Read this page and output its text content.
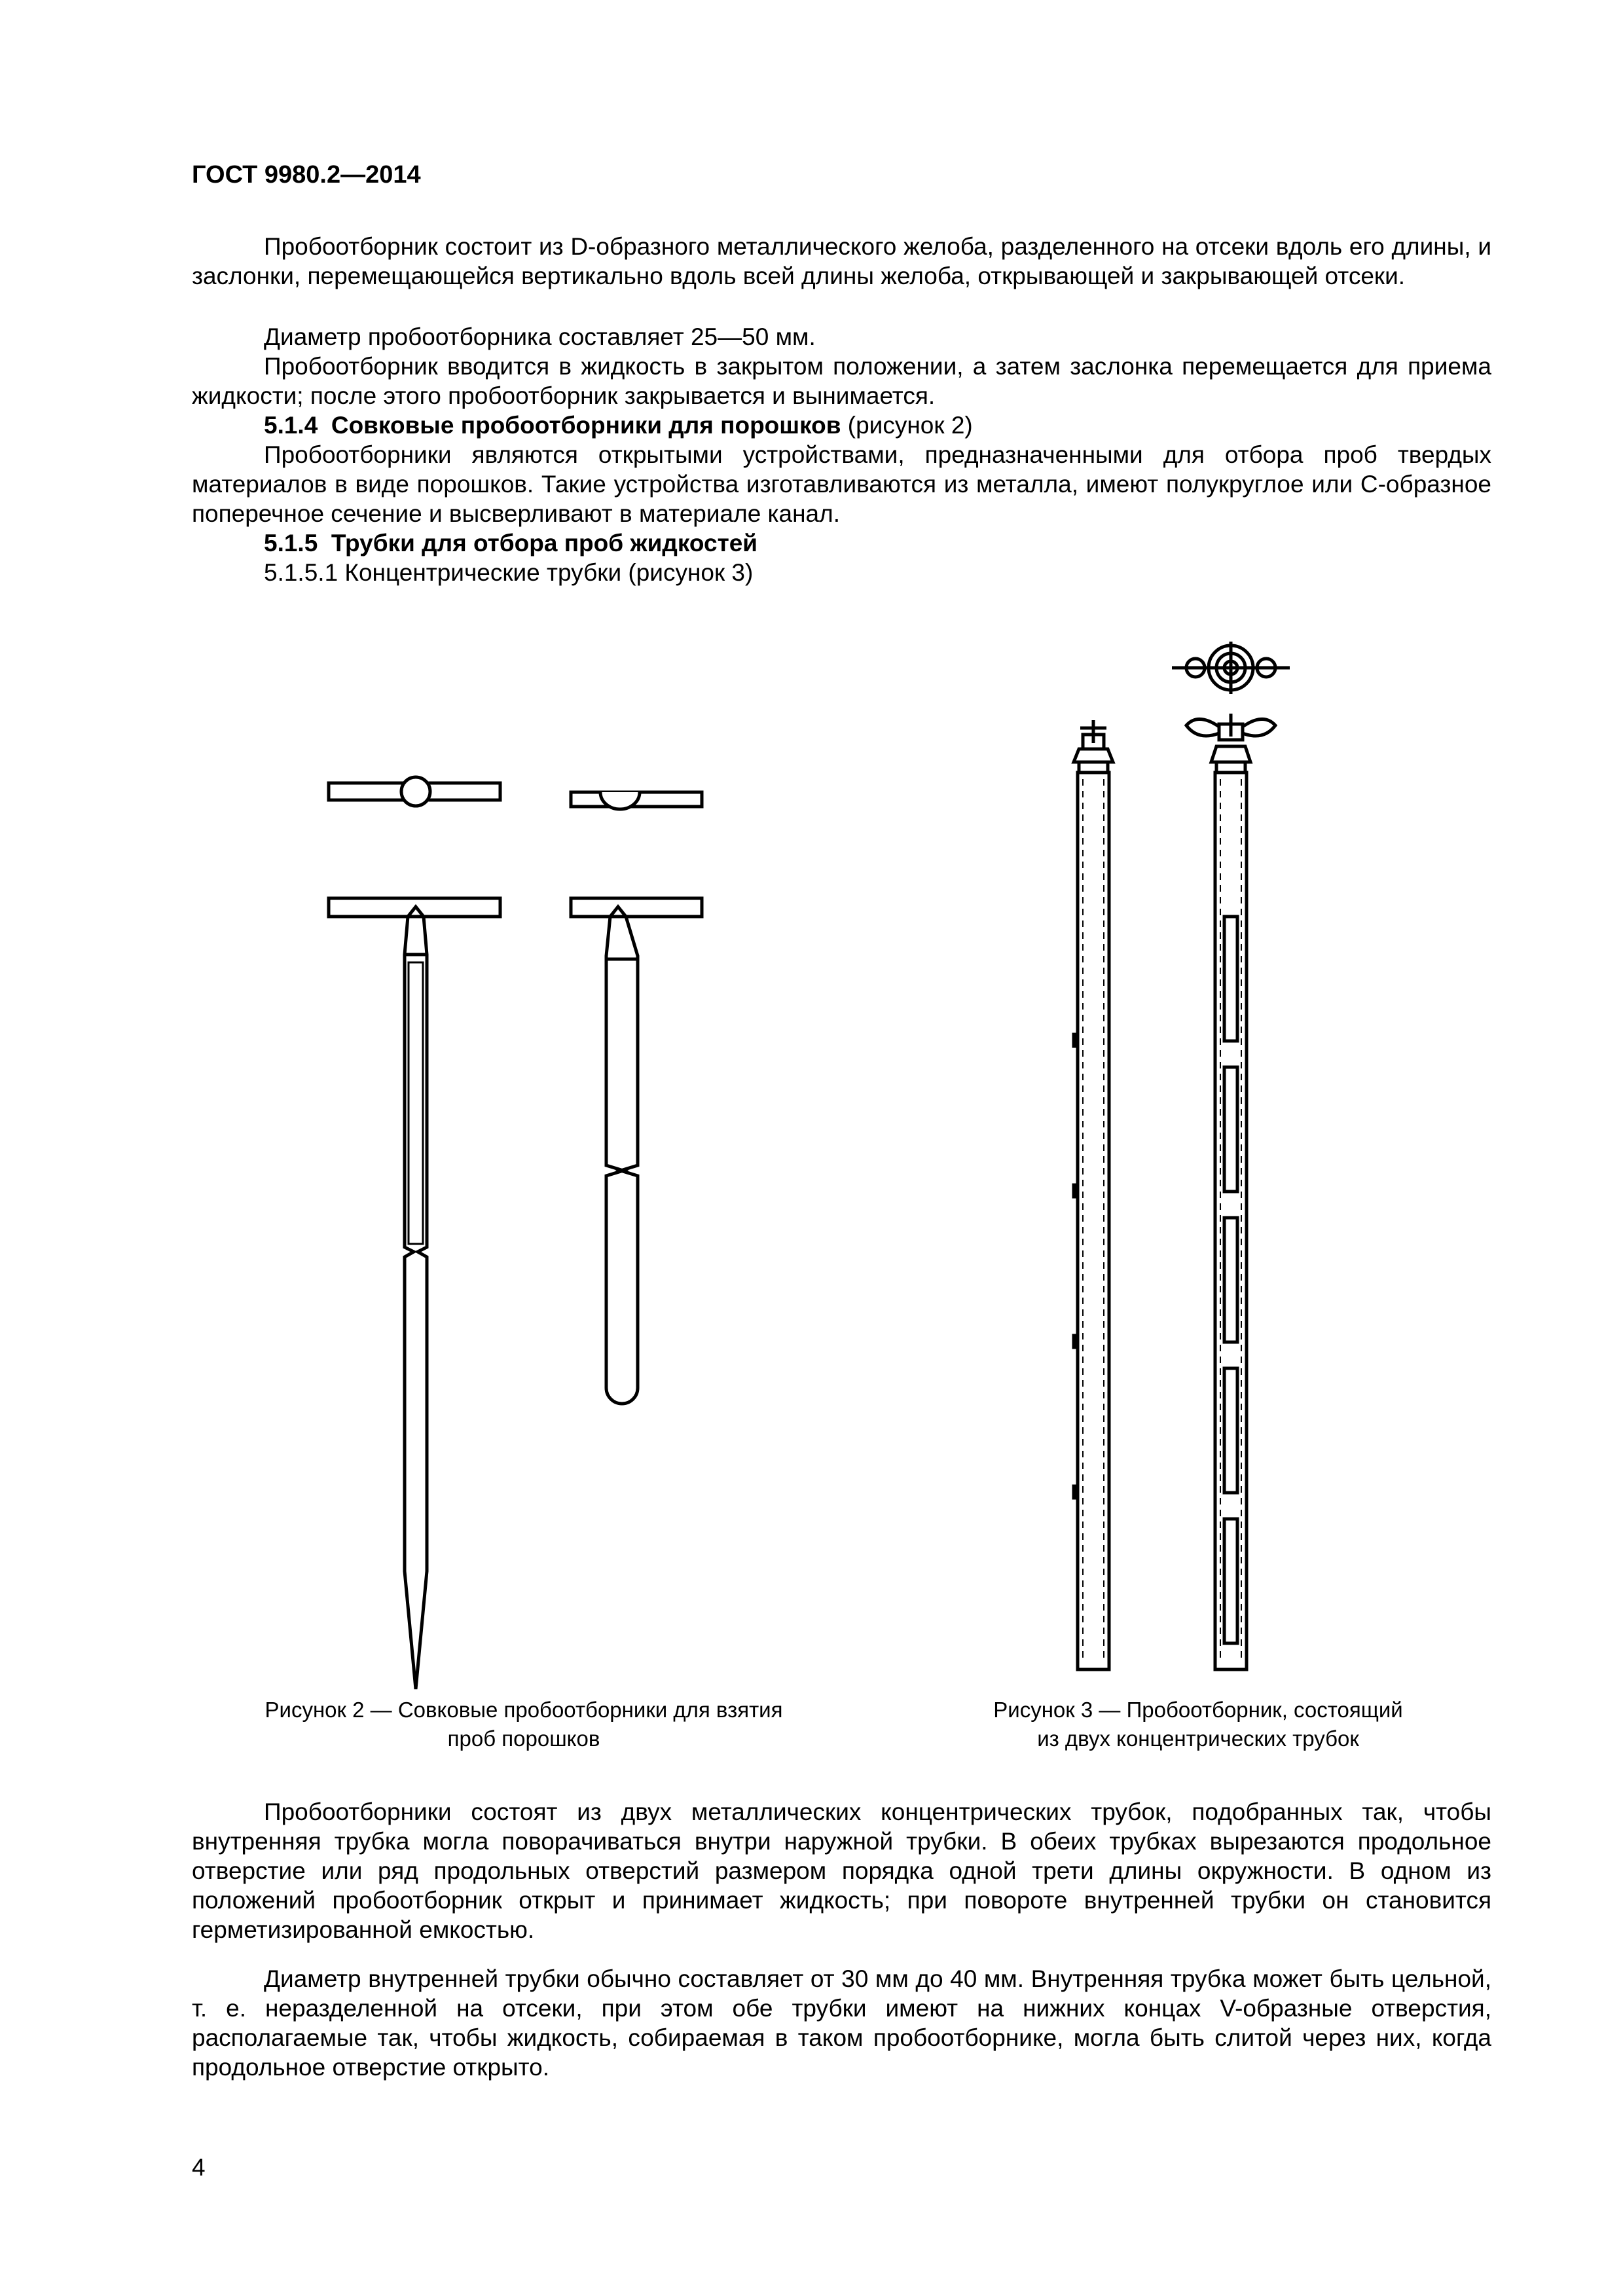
ГОСТ 9980.2—2014

Пробоотборник состоит из D-образного металлического желоба, разделенного на отсеки вдоль его длины, и заслонки, перемещающейся вертикально вдоль всей длины желоба, открывающей и закрывающей отсеки.

Диаметр пробоотборника составляет 25—50 мм.

Пробоотборник вводится в жидкость в закрытом положении, а затем заслонка перемещается для приема жидкости; после этого пробоотборник закрывается и вынимается.

5.1.4 Совковые пробоотборники для порошков (рисунок 2)

Пробоотборники являются открытыми устройствами, предназначенными для отбора проб твердых материалов в виде порошков. Такие устройства изготавливаются из металла, имеют полукруглое или С-образное поперечное сечение и высверливают в материале канал.

5.1.5 Трубки для отбора проб жидкостей
5.1.5.1 Концентрические трубки (рисунок 3)
Рисунок 2 — Совковые пробоотборники для взятия
проб порошков
Рисунок 3 — Пробоотборник, состоящий
из двух концентрических трубок

Пробоотборники состоят из двух металлических концентрических трубок, подобранных так, чтобы внутренняя трубка могла поворачиваться внутри наружной трубки. В обеих трубках вырезаются продольное отверстие или ряд продольных отверстий размером порядка одной трети длины окружности. В одном из положений пробоотборник открыт и принимает жидкость; при повороте внутренней трубки он становится герметизированной емкостью.

Диаметр внутренней трубки обычно составляет от 30 мм до 40 мм. Внутренняя трубка может быть цельной, т. е. неразделенной на отсеки, при этом обе трубки имеют на нижних концах V-образные отверстия, располагаемые так, чтобы жидкость, собираемая в таком пробоотборнике, могла быть слитой через них, когда продольное отверстие открыто.

4
